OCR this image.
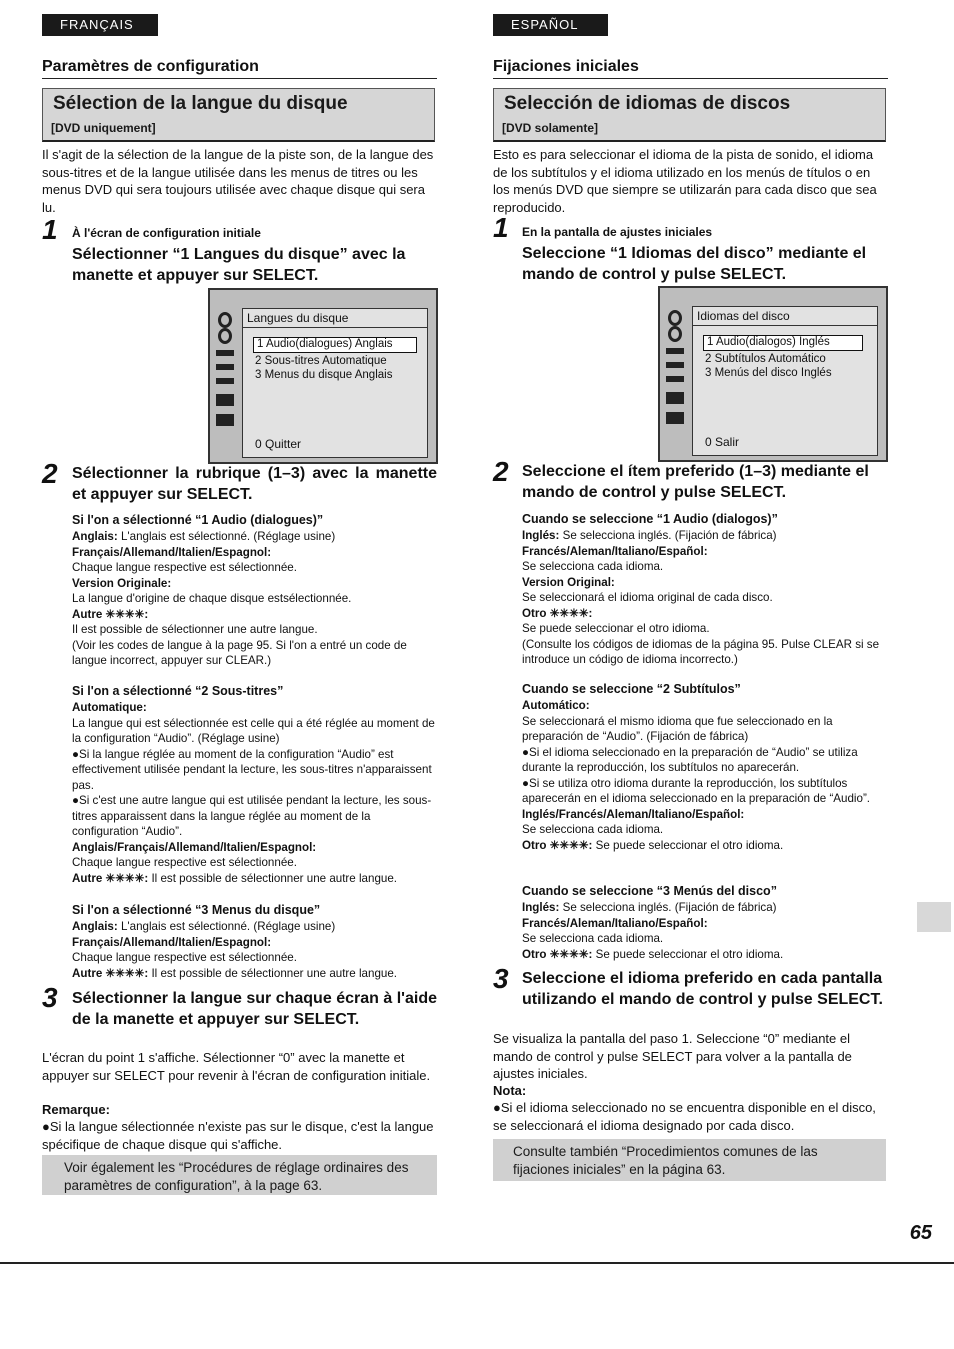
FRANÇAIS
Paramètres de configuration
Sélection de la langue du disque
[DVD uniquement]
Il s'agit de la sélection de la langue de la piste son, de la langue des sous-titres et de la langue utilisée dans les menus de titres ou les menus DVD qui sera toujours utilisée avec chaque disque qui sera lu.
1 À l'écran de configuration initiale
Sélectionner “1 Langues du disque” avec la manette et appuyer sur SELECT.
Langues du disque
1 Audio(dialogues) Anglais
2 Sous-titres Automatique
3 Menus du disque Anglais
0 Quitter
2 Sélectionner la rubrique (1–3) avec la manette et appuyer sur SELECT.
Si l'on a sélectionné “1 Audio (dialogues)”
Anglais: L'anglais est sélectionné. (Réglage usine)
Français/Allemand/Italien/Espagnol:
Chaque langue respective est sélectionnée.
Version Originale:
La langue d'origine de chaque disque estsélectionnée.
Autre ✳✳✳✳:
Il est possible de sélectionner une autre langue.
(Voir les codes de langue à la page 95. Si l'on a entré un code de langue incorrect, appuyer sur CLEAR.)
Si l'on a sélectionné “2 Sous-titres”
Automatique:
La langue qui est sélectionnée est celle qui a été réglée au moment de la configuration “Audio”. (Réglage usine)
●Si la langue réglée au moment de la configuration “Audio” est effectivement utilisée pendant la lecture, les sous-titres n'apparaissent pas.
●Si c'est une autre langue qui est utilisée pendant la lecture, les sous-titres apparaissent dans la langue réglée au moment de la configuration “Audio”.
Anglais/Français/Allemand/Italien/Espagnol:
Chaque langue respective est sélectionnée.
Autre ✳✳✳✳: Il est possible de sélectionner une autre langue.
Si l'on a sélectionné “3 Menus du disque”
Anglais: L'anglais est sélectionné. (Réglage usine)
Français/Allemand/Italien/Espagnol:
Chaque langue respective est sélectionnée.
Autre ✳✳✳✳: Il est possible de sélectionner une autre langue.
3 Sélectionner la langue sur chaque écran à l'aide de la manette et appuyer sur SELECT.
L'écran du point 1 s'affiche. Sélectionner “0” avec la manette et appuyer sur SELECT pour revenir à l'écran de configuration initiale.
Remarque:
●Si la langue sélectionnée n'existe pas sur le disque, c'est la langue spécifique de chaque disque qui s'affiche.
Voir également les “Procédures de réglage ordinaires des paramètres de configuration”, à la page 63.
ESPAÑOL
Fijaciones iniciales
Selección de idiomas de discos
[DVD solamente]
Esto es para seleccionar el idioma de la pista de sonido, el idioma de los subtítulos y el idioma utilizado en los menús de títulos o en los menús DVD que siempre se utilizarán para cada disco que sea reproducido.
1 En la pantalla de ajustes iniciales
Seleccione “1 Idiomas del disco” mediante el mando de control y pulse SELECT.
Idiomas del disco
1 Audio(dialogos) Inglés
2 Subtítulos Automático
3 Menús del disco Inglés
0 Salir
2 Seleccione el ítem preferido (1–3) mediante el mando de control y pulse SELECT.
Cuando se seleccione “1 Audio (dialogos)”
Inglés: Se selecciona inglés. (Fijación de fábrica)
Francés/Aleman/Italiano/Español:
Se selecciona cada idioma.
Version Original:
Se seleccionará el idioma original de cada disco.
Otro ✳✳✳✳:
Se puede seleccionar el otro idioma.
(Consulte los códigos de idiomas de la página 95. Pulse CLEAR si se introduce un código de idioma incorrecto.)
Cuando se seleccione “2 Subtítulos”
Automático:
Se seleccionará el mismo idioma que fue seleccionado en la preparación de “Audio”. (Fijación de fábrica)
●Si el idioma seleccionado en la preparación de “Audio” se utiliza durante la reproducción, los subtítulos no aparecerán.
●Si se utiliza otro idioma durante la reproducción, los subtítulos aparecerán en el idioma seleccionado en la preparación de “Audio”.
Inglés/Francés/Aleman/Italiano/Español:
Se selecciona cada idioma.
Otro ✳✳✳✳: Se puede seleccionar el otro idioma.
Cuando se seleccione “3 Menús del disco”
Inglés: Se selecciona inglés. (Fijación de fábrica)
Francés/Aleman/Italiano/Español:
Se selecciona cada idioma.
Otro ✳✳✳✳: Se puede seleccionar el otro idioma.
3 Seleccione el idioma preferido en cada pantalla utilizando el mando de control y pulse SELECT.
Se visualiza la pantalla del paso 1. Seleccione “0” mediante el mando de control y pulse SELECT para volver a la pantalla de ajustes iniciales.
Nota:
●Si el idioma seleccionado no se encuentra disponible en el disco, se seleccionará el idioma designado por cada disco.
Consulte también “Procedimientos comunes de las fijaciones iniciales” en la página 63.
65
